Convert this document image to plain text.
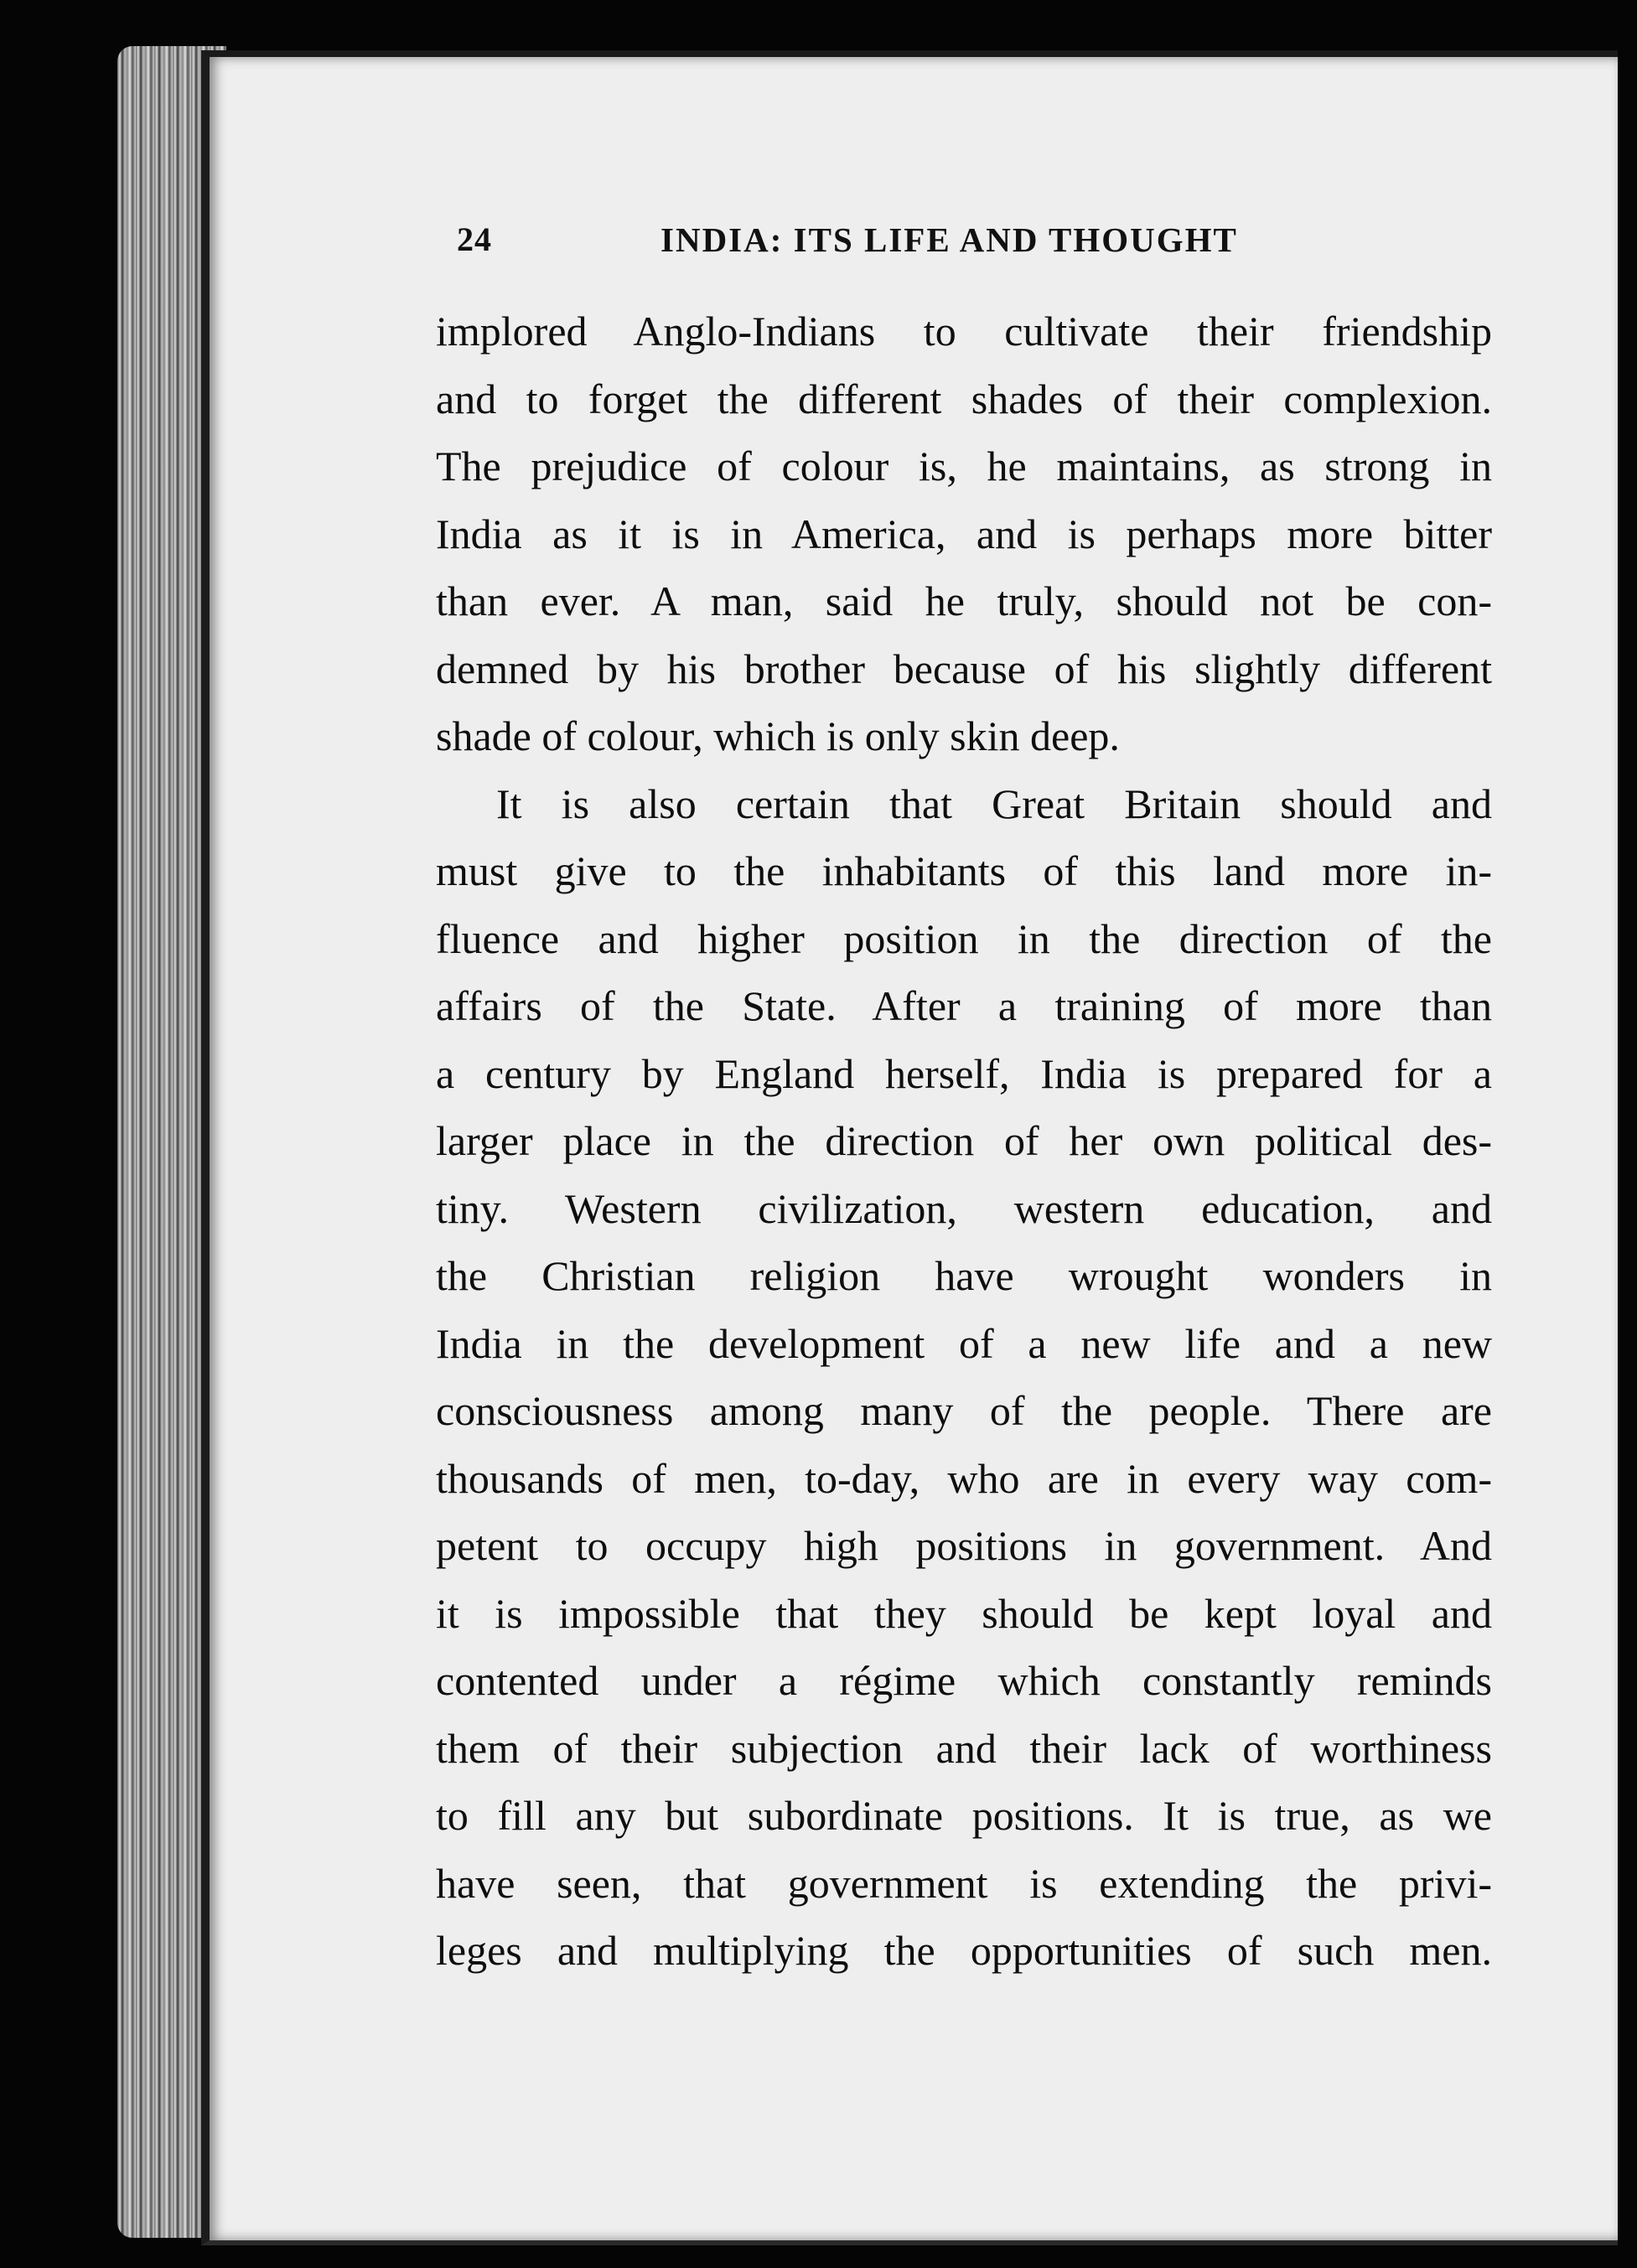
24	INDIA: ITS LIFE AND THOUGHT
implored Anglo-Indians to cultivate their friendship
and to forget the different shades of their complexion.
The prejudice of colour is, he maintains, as strong in
India as it is in America, and is perhaps more bitter
than ever. A man, said he truly, should not be con-
demned by his brother because of his slightly different
shade of colour, which is only skin deep.
It is also certain that Great Britain should and
must give to the inhabitants of this land more in-
fluence and higher position in the direction of the
affairs of the State. After a training of more than
a century by England herself, India is prepared for a
larger place in the direction of her own political des-
tiny. Western civilization, western education, and
the Christian religion have wrought wonders in
India in the development of a new life and a new
consciousness among many of the people. There are
thousands of men, to-day, who are in every way com-
petent to occupy high positions in government. And
it is impossible that they should be kept loyal and
contented under a régime which constantly reminds
them of their subjection and their lack of worthiness
to fill any but subordinate positions. It is true, as we
have seen, that government is extending the privi-
leges and multiplying the opportunities of such men.
